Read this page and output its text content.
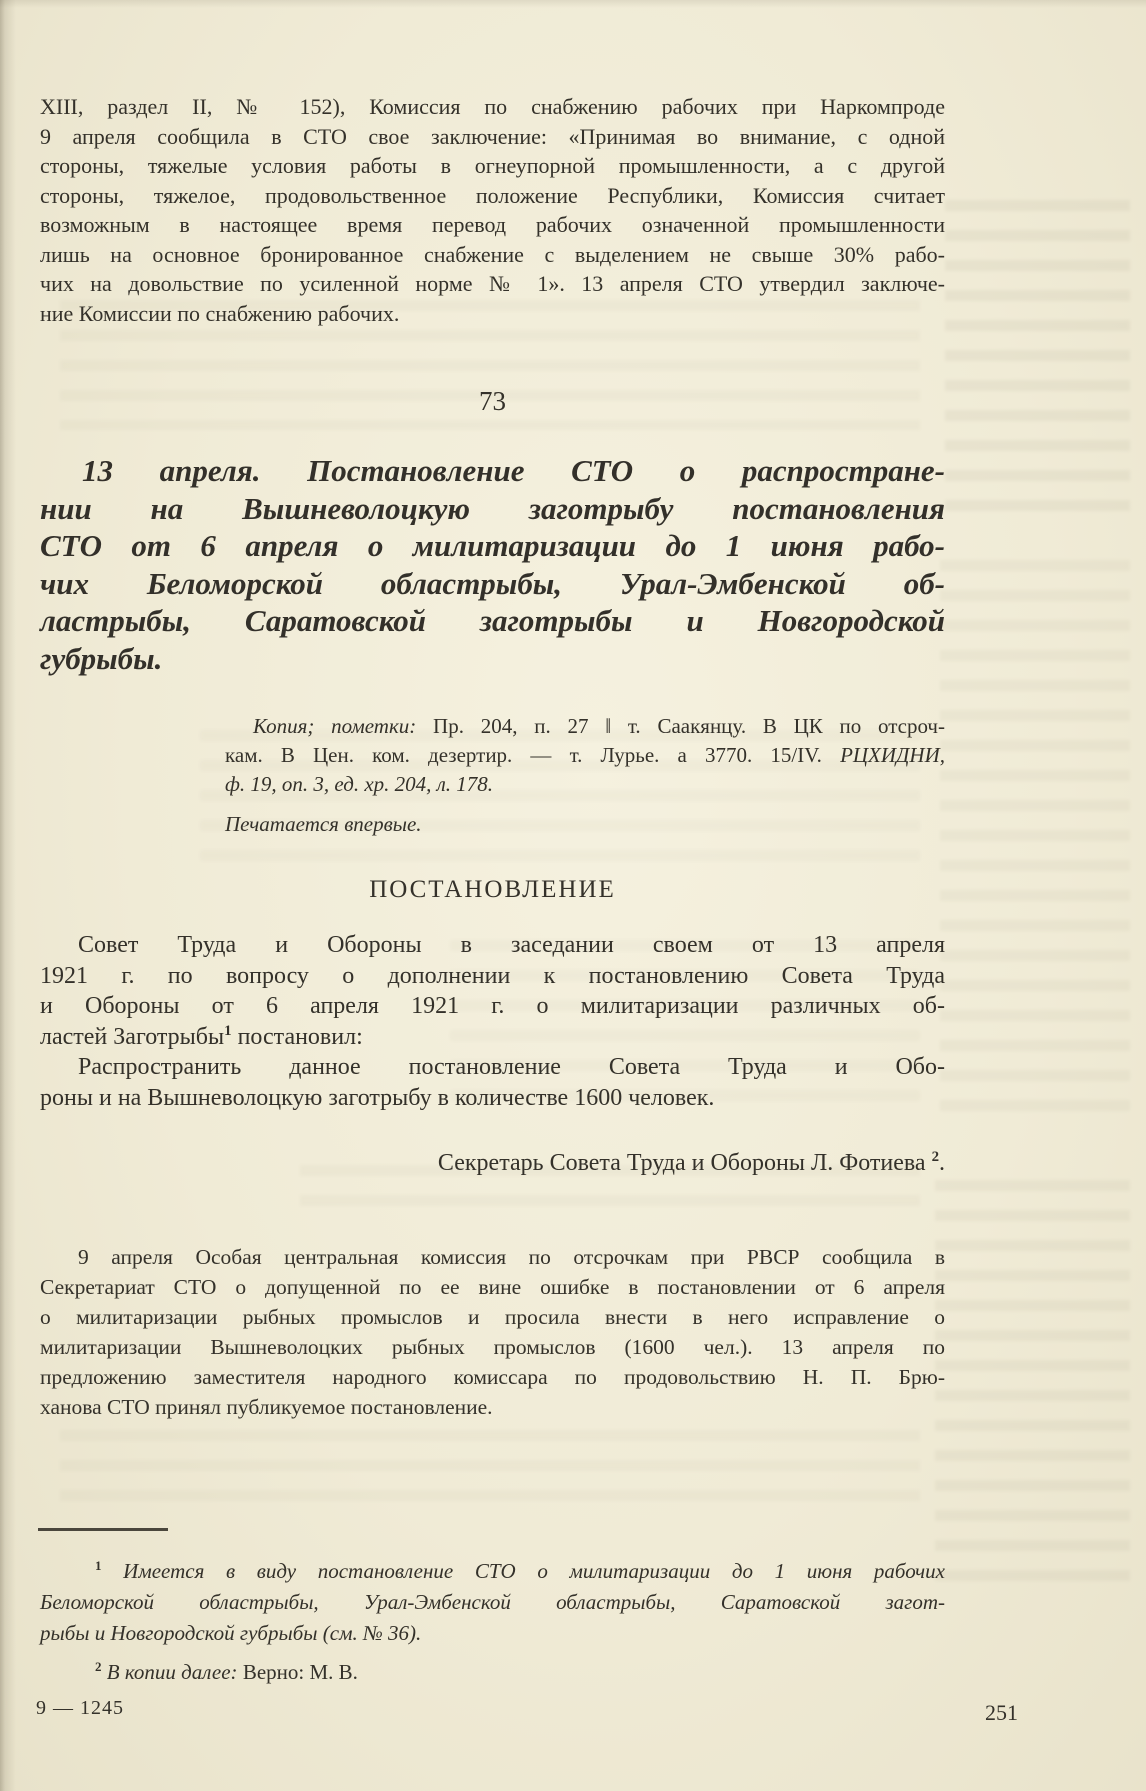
XIII, раздел II, № 152), Комиссия по снабжению рабочих при Наркомпроде
9 апреля сообщила в СТО свое заключение: «Принимая во внимание, с одной
стороны, тяжелые условия работы в огнеупорной промышленности, а с другой
стороны, тяжелое, продовольственное положение Республики, Комиссия считает
возможным в настоящее время перевод рабочих означенной промышленности
лишь на основное бронированное снабжение с выделением не свыше 30% рабо-
чих на довольствие по усиленной норме № 1». 13 апреля СТО утвердил заключе-
ние Комиссии по снабжению рабочих.
73
13 апреля. Постановление СТО о распростране-
нии на Вышневолоцкую заготрыбу постановления
СТО от 6 апреля о милитаризации до 1 июня рабо-
чих Беломорской областрыбы, Урал-Эмбенской об-
ластрыбы, Саратовской заготрыбы и Новгородской
губрыбы.
Копия; пометки: Пр. 204, п. 27 ‖ т. Саакянцу. В ЦК по отсроч-
кам. В Цен. ком. дезертир. — т. Лурье. а 3770. 15/IV. РЦХИДНИ,
ф. 19, оп. 3, ед. хр. 204, л. 178.
Печатается впервые.
ПОСТАНОВЛЕНИЕ
Совет Труда и Обороны в заседании своем от 13 апреля
1921 г. по вопросу о дополнении к постановлению Совета Труда
и Обороны от 6 апреля 1921 г. о милитаризации различных об-
ластей Заготрыбы$^1$ постановил:
Распространить данное постановление Совета Труда и Обо-
роны и на Вышневолоцкую заготрыбу в количестве 1600 человек.
Секретарь Совета Труда и Обороны Л. Фотиева $^2$.
9 апреля Особая центральная комиссия по отсрочкам при РВСР сообщила в
Секретариат СТО о допущенной по ее вине ошибке в постановлении от 6 апреля
о милитаризации рыбных промыслов и просила внести в него исправление о
милитаризации Вышневолоцких рыбных промыслов (1600 чел.). 13 апреля по
предложению заместителя народного комиссара по продовольствию Н. П. Брю-
ханова СТО принял публикуемое постановление.
$^1$ Имеется в виду постановление СТО о милитаризации до 1 июня рабочих
Беломорской областрыбы, Урал-Эмбенской областрыбы, Саратовской загот-
рыбы и Новгородской губрыбы (см. № 36).
$^2$ В копии далее: Верно: М. В.
9 — 1245	251
